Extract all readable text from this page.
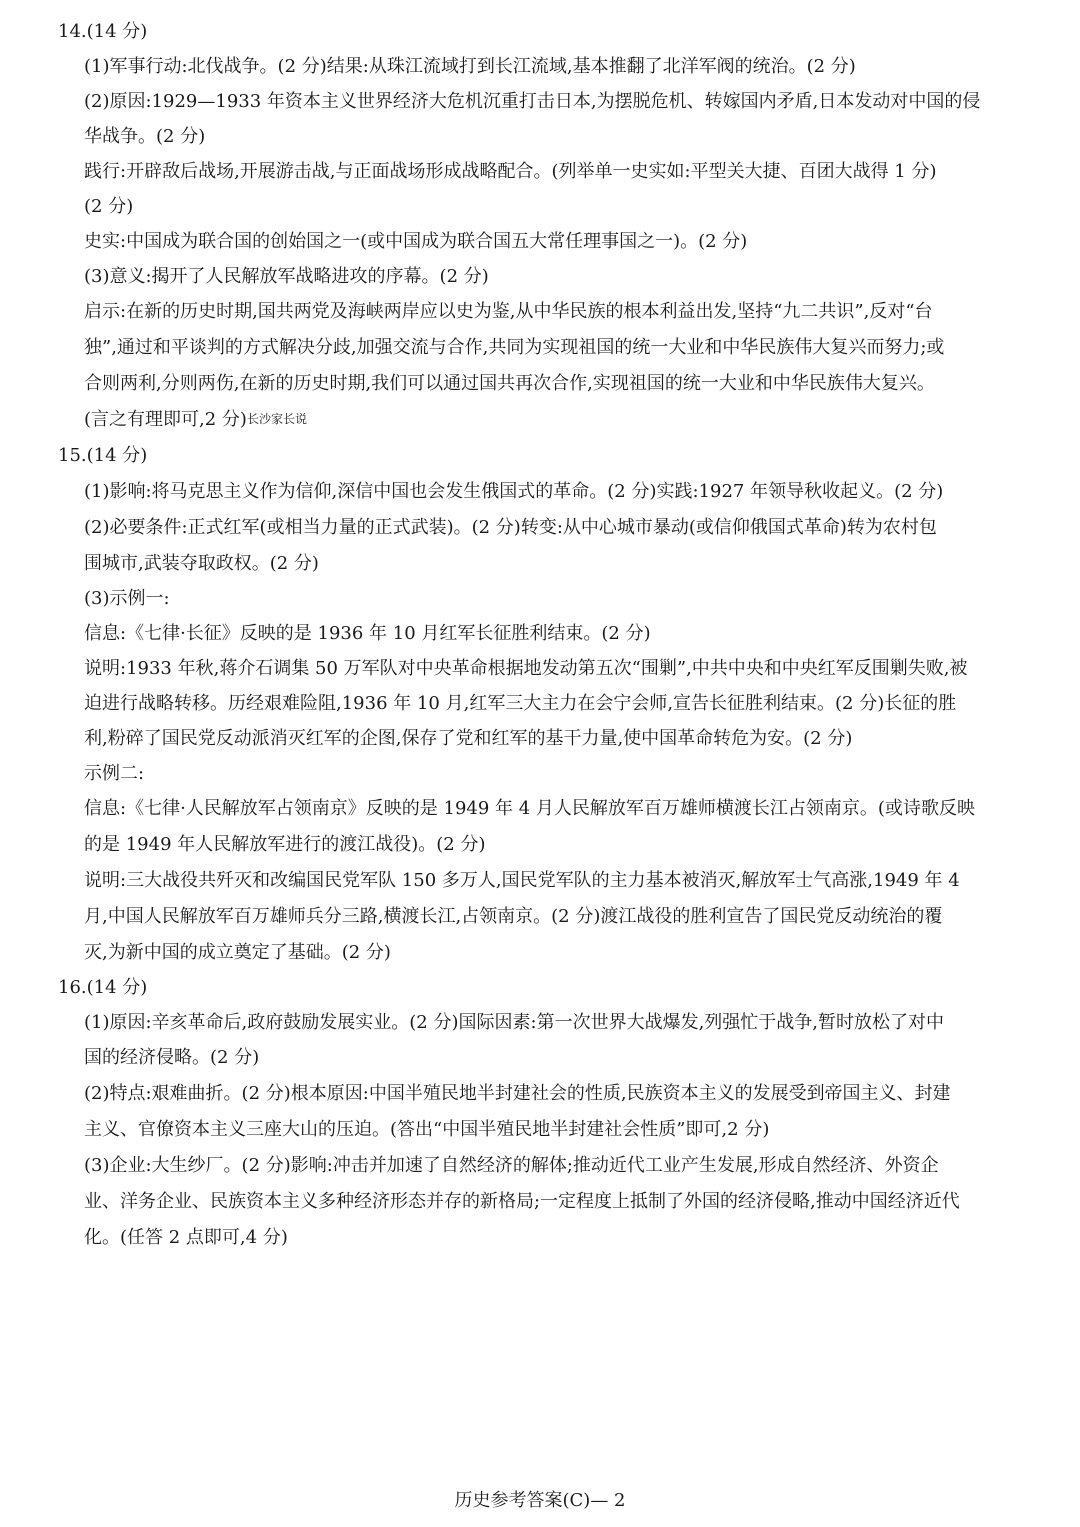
14.(14 分)
(1)军事行动:北伐战争。(2 分)结果:从珠江流域打到长江流域,基本推翻了北洋军阀的统治。(2 分)
(2)原因:1929—1933 年资本主义世界经济大危机沉重打击日本,为摆脱危机、转嫁国内矛盾,日本发动对中国的侵
华战争。(2 分)
践行:开辟敌后战场,开展游击战,与正面战场形成战略配合。(列举单一史实如:平型关大捷、百团大战得 1 分)
(2 分)
史实:中国成为联合国的创始国之一(或中国成为联合国五大常任理事国之一)。(2 分)
(3)意义:揭开了人民解放军战略进攻的序幕。(2 分)
启示:在新的历史时期,国共两党及海峡两岸应以史为鉴,从中华民族的根本利益出发,坚持“九二共识”,反对“台
独”,通过和平谈判的方式解决分歧,加强交流与合作,共同为实现祖国的统一大业和中华民族伟大复兴而努力;或
合则两利,分则两伤,在新的历史时期,我们可以通过国共再次合作,实现祖国的统一大业和中华民族伟大复兴。
(言之有理即可,2 分)长沙家长说
15.(14 分)
(1)影响:将马克思主义作为信仰,深信中国也会发生俄国式的革命。(2 分)实践:1927 年领导秋收起义。(2 分)
(2)必要条件:正式红军(或相当力量的正式武装)。(2 分)转变:从中心城市暴动(或信仰俄国式革命)转为农村包
围城市,武装夺取政权。(2 分)
(3)示例一:
信息:《七律·长征》反映的是 1936 年 10 月红军长征胜利结束。(2 分)
说明:1933 年秋,蒋介石调集 50 万军队对中央革命根据地发动第五次“围剿”,中共中央和中央红军反围剿失败,被
迫进行战略转移。历经艰难险阻,1936 年 10 月,红军三大主力在会宁会师,宣告长征胜利结束。(2 分)长征的胜
利,粉碎了国民党反动派消灭红军的企图,保存了党和红军的基干力量,使中国革命转危为安。(2 分)
示例二:
信息:《七律·人民解放军占领南京》反映的是 1949 年 4 月人民解放军百万雄师横渡长江占领南京。(或诗歌反映
的是 1949 年人民解放军进行的渡江战役)。(2 分)
说明:三大战役共歼灭和改编国民党军队 150 多万人,国民党军队的主力基本被消灭,解放军士气高涨,1949 年 4
月,中国人民解放军百万雄师兵分三路,横渡长江,占领南京。(2 分)渡江战役的胜利宣告了国民党反动统治的覆
灭,为新中国的成立奠定了基础。(2 分)
16.(14 分)
(1)原因:辛亥革命后,政府鼓励发展实业。(2 分)国际因素:第一次世界大战爆发,列强忙于战争,暂时放松了对中
国的经济侵略。(2 分)
(2)特点:艰难曲折。(2 分)根本原因:中国半殖民地半封建社会的性质,民族资本主义的发展受到帝国主义、封建
主义、官僚资本主义三座大山的压迫。(答出“中国半殖民地半封建社会性质”即可,2 分)
(3)企业:大生纱厂。(2 分)影响:冲击并加速了自然经济的解体;推动近代工业产生发展,形成自然经济、外资企
业、洋务企业、民族资本主义多种经济形态并存的新格局;一定程度上抵制了外国的经济侵略,推动中国经济近代
化。(任答 2 点即可,4 分)
历史参考答案(C)— 2
